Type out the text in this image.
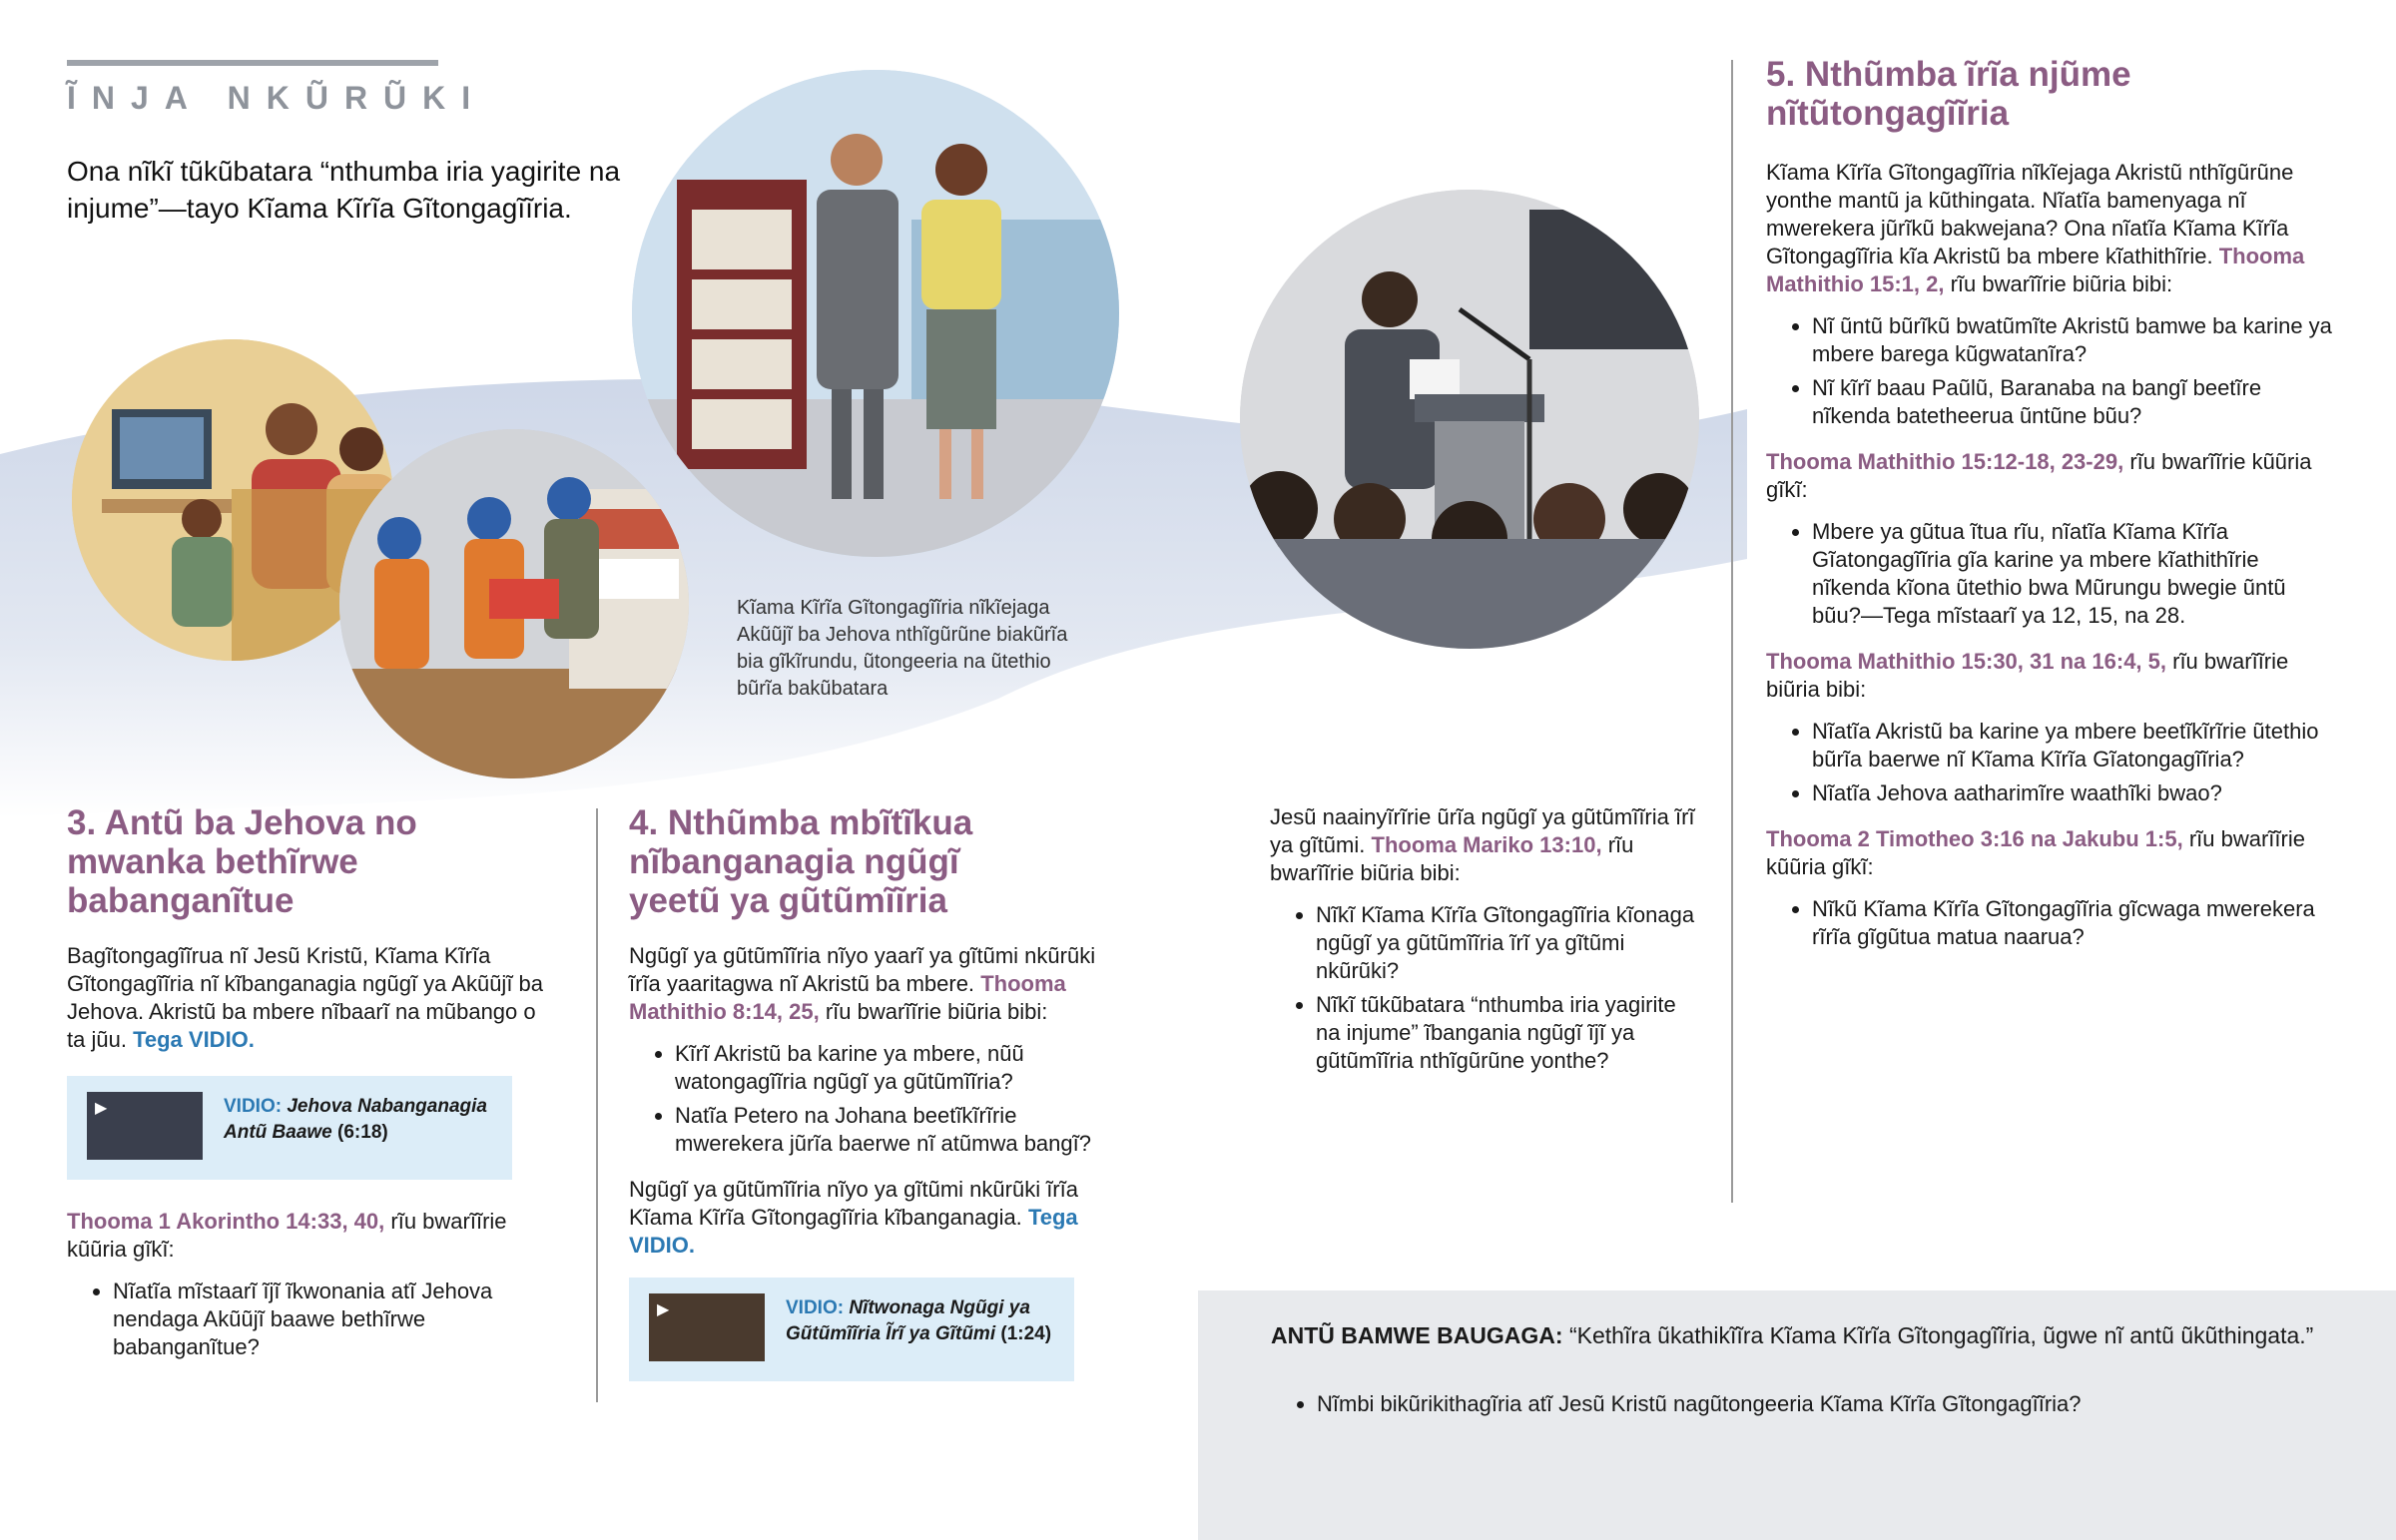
ĨNJA NKŨRŨKI
Ona nĩkĩ tũkũbatara “nthumba iria yagirite na injume”—tayo Kĩama Kĩrĩa Gĩtongagĩĩria.
Kĩama Kĩrĩa Gĩtongagĩĩria nĩkĩejaga Akũũjĩ ba Jehova nthĩgũrũne biakũrĩa bia gĩkĩrundu, ũtongeeria na ũtethio bũrĩa bakũbatara
3. Antũ ba Jehova no mwanka bethĩrwe babanganĩtue

Bagĩtongagĩĩrua nĩ Jesũ Kristũ, Kĩama Kĩrĩa Gĩtongagĩĩria nĩ kĩbanganagia ngũgĩ ya Akũũjĩ ba Jehova. Akristũ ba mbere nĩbaarĩ na mũbango o ta jũu. Tega VIDIO.

▶	VIDIO: Jehova Nabanganagia Antũ Baawe (6:18)

Thooma 1 Akorintho 14:33, 40, rĩu bwarĩĩrie kũũria gĩkĩ:

• Nĩatĩa mĩstaarĩ ĩjĩ ĩkwonania atĩ Jehova nendaga Akũũjĩ baawe bethĩrwe babanganĩtue?
4. Nthũmba mbĩtĩkua nĩbanganagia ngũgĩ yeetũ ya gũtũmĩĩria

Ngũgĩ ya gũtũmĩĩria nĩyo yaarĩ ya gĩtũmi nkũrũki ĩrĩa yaaritagwa nĩ Akristũ ba mbere. Thooma Mathithio 8:14, 25, rĩu bwarĩĩrie biũria bibi:

• Kĩrĩ Akristũ ba karine ya mbere, nũũ watongagĩĩria ngũgĩ ya gũtũmĩĩria?
• Natĩa Petero na Johana beetĩkĩrĩrie mwerekera jũrĩa baerwe nĩ atũmwa bangĩ?

Ngũgĩ ya gũtũmĩĩria nĩyo ya gĩtũmi nkũrũki ĩrĩa Kĩama Kĩrĩa Gĩtongagĩĩria kĩbanganagia. Tega VIDIO.

▶	VIDIO: Nĩtwonaga Ngũgi ya Gũtũmĩĩria Ĩrĩ ya Gĩtũmi (1:24)

Jesũ naainyĩrĩrie ũrĩa ngũgĩ ya gũtũmĩĩria ĩrĩ ya gĩtũmi. Thooma Mariko 13:10, rĩu bwarĩĩrie biũria bibi:

• Nĩkĩ Kĩama Kĩrĩa Gĩtongagĩĩria kĩonaga ngũgĩ ya gũtũmĩĩria ĩrĩ ya gĩtũmi nkũrũki?
• Nĩkĩ tũkũbatara “nthumba iria yagirite na injume” ĩbangania ngũgĩ ĩjĩ ya gũtũmĩĩria nthĩgũrũne yonthe?
5. Nthũmba ĩrĩa njũme nĩtũtongagĩĩria

Kĩama Kĩrĩa Gĩtongagĩĩria nĩkĩejaga Akristũ nthĩgũrũne yonthe mantũ ja kũthingata. Nĩatĩa bamenyaga nĩ mwerekera jũrĩkũ bakwejana? Ona nĩatĩa Kĩama Kĩrĩa Gĩtongagĩĩria kĩa Akristũ ba mbere kĩathithĩrie. Thooma Mathithio 15:1, 2, rĩu bwarĩĩrie biũria bibi:

• Nĩ ũntũ bũrĩkũ bwatũmĩte Akristũ bamwe ba karine ya mbere barega kũgwatanĩra?
• Nĩ kĩrĩ baau Paũlũ, Baranaba na bangĩ beetĩre nĩkenda batetheerua ũntũne bũu?

Thooma Mathithio 15:12-18, 23-29, rĩu bwarĩĩrie kũũria gĩkĩ:

• Mbere ya gũtua ĩtua rĩu, nĩatĩa Kĩama Kĩrĩa Gĩatongagĩĩria gĩa karine ya mbere kĩathithĩrie nĩkenda kĩona ũtethio bwa Mũrungu bwegie ũntũ bũu?—Tega mĩstaarĩ ya 12, 15, na 28.

Thooma Mathithio 15:30, 31 na 16:4, 5, rĩu bwarĩĩrie biũria bibi:

• Nĩatĩa Akristũ ba karine ya mbere beetĩkĩrĩrie ũtethio bũrĩa baerwe nĩ Kĩama Kĩrĩa Gĩatongagĩĩria?
• Nĩatĩa Jehova aatharimĩre waathĩki bwao?

Thooma 2 Timotheo 3:16 na Jakubu 1:5, rĩu bwarĩĩrie kũũria gĩkĩ:

• Nĩkũ Kĩama Kĩrĩa Gĩtongagĩĩria gĩcwaga mwerekera rĩrĩa gĩgũtua matua naarua?
ANTŨ BAMWE BAUGAGA: “Kethĩra ũkathikĩĩra Kĩama Kĩrĩa Gĩtongagĩĩria, ũgwe nĩ antũ ũkũthingata.”
• Nĩmbi bikũrikithagĩria atĩ Jesũ Kristũ nagũtongeeria Kĩama Kĩrĩa Gĩtongagĩĩria?
